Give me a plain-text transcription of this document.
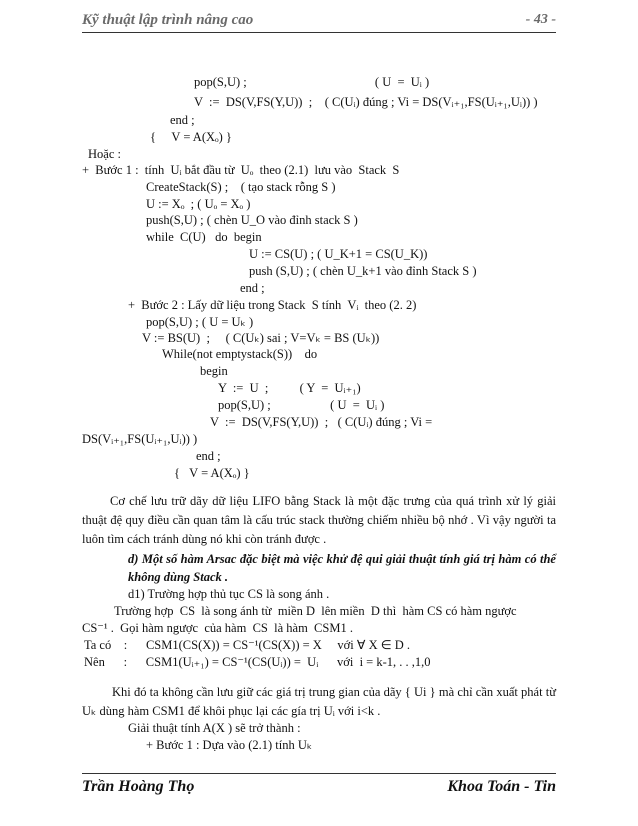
Kỹ thuật lập trình nâng cao	- 43 -
pop(S,U) ;                                         ( U  =  Uᵢ )
V  :=  DS(V,FS(Y,U))  ;    ( C(Uᵢ) đúng ; Vi = DS(Vᵢ₊₁,FS(Uᵢ₊₁,Uᵢ)) )
end ;
{     V = A(Xₒ) }
Hoặc :
+  Bước 1 :  tính  Uᵢ bắt đầu từ  Uₒ  theo (2.1)  lưu vào  Stack  S
CreateStack(S) ;    ( tạo stack rỗng S )
U := Xₒ  ; ( Uₒ = Xₒ )
push(S,U) ; ( chèn U_O vào đỉnh stack S )
while  C(U)   do  begin
U := CS(U) ; ( U_K+1 = CS(U_K))
push (S,U) ; ( chèn U_k+1 vào đỉnh Stack S )
end ;
+  Bước 2 : Lấy dữ liệu trong Stack  S tính  Vᵢ  theo (2. 2)
pop(S,U) ; ( U = Uₖ )
V := BS(U)  ;     ( C(Uₖ) sai ; V=Vₖ = BS (Uₖ))
While(not emptystack(S))    do
begin
Y  :=  U  ;          ( Y  =  Uᵢ₊₁)
pop(S,U) ;                   ( U  =  Uᵢ )
V  :=  DS(V,FS(Y,U))  ;   ( C(Uᵢ) đúng ; Vi =
DS(Vᵢ₊₁,FS(Uᵢ₊₁,Uᵢ)) )
end ;
{   V = A(Xₒ) }
Cơ chế lưu trữ dãy dữ liệu LIFO bằng Stack là một đặc trưng của quá trình xử lý giải thuật đệ quy điều cần quan tâm là cấu trúc stack thường chiếm nhiều bộ nhớ . Vì vậy người ta luôn tìm cách tránh dùng nó khi còn tránh được .
d) Một số hàm Arsac đặc biệt mà việc khử đệ qui giải thuật tính giá trị hàm có thể không dùng Stack .
d1) Trường hợp thủ tục CS là song ánh .
Trường hợp  CS  là song ánh từ  miền D  lên miền  D thì  hàm CS có hàm ngược
CS⁻¹ .  Gọi hàm ngược  của hàm  CS  là hàm  CSM1 .
Ta có    :      CSM1(CS(X)) = CS⁻¹(CS(X)) = X     với ∀ X ∈ D .
Nên      :      CSM1(Uᵢ₊₁) = CS⁻¹(CS(Uᵢ)) =  Uᵢ      với  i = k-1, . . ,1,0
Khi đó ta không cần lưu giữ các giá trị trung gian của dãy { Ui } mà chỉ cần xuất phát từ Uₖ dùng hàm CSM1 để khôi phục lại các gía trị Uᵢ với i<k .
Giải thuật tính A(X ) sẽ trở thành :
+ Bước 1 : Dựa vào (2.1) tính Uₖ
Trần Hoàng Thọ	Khoa Toán - Tin
